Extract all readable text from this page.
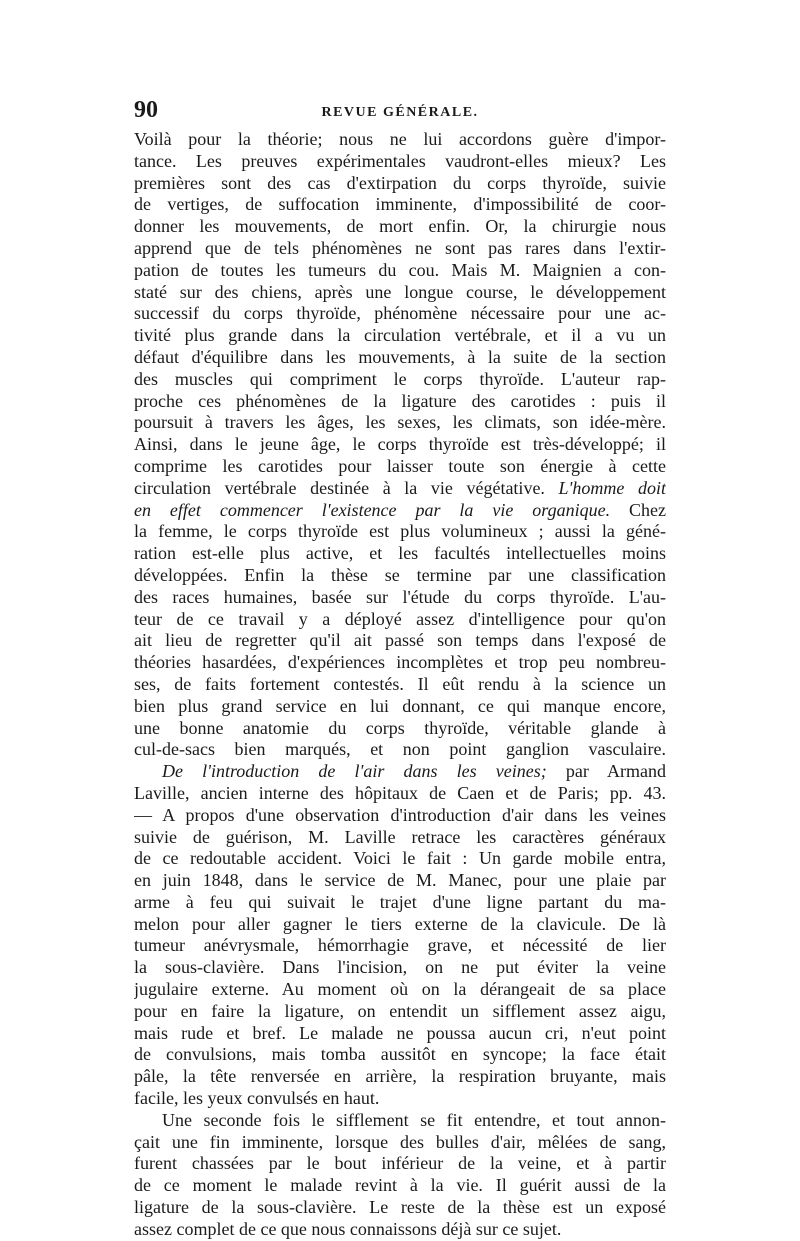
90	REVUE GÉNÉRALE.
Voilà pour la théorie; nous ne lui accordons guère d'impor-
tance. Les preuves expérimentales vaudront-elles mieux? Les
premières sont des cas d'extirpation du corps thyroïde, suivie
de vertiges, de suffocation imminente, d'impossibilité de coor-
donner les mouvements, de mort enfin. Or, la chirurgie nous
apprend que de tels phénomènes ne sont pas rares dans l'extir-
pation de toutes les tumeurs du cou. Mais M. Maignien a con-
staté sur des chiens, après une longue course, le développement
successif du corps thyroïde, phénomène nécessaire pour une ac-
tivité plus grande dans la circulation vertébrale, et il a vu un
défaut d'équilibre dans les mouvements, à la suite de la section
des muscles qui compriment le corps thyroïde. L'auteur rap-
proche ces phénomènes de la ligature des carotides : puis il
poursuit à travers les âges, les sexes, les climats, son idée-mère.
Ainsi, dans le jeune âge, le corps thyroïde est très-développé; il
comprime les carotides pour laisser toute son énergie à cette
circulation vertébrale destinée à la vie végétative. L'homme doit
en effet commencer l'existence par la vie organique. Chez
la femme, le corps thyroïde est plus volumineux ; aussi la géné-
ration est-elle plus active, et les facultés intellectuelles moins
développées. Enfin la thèse se termine par une classification
des races humaines, basée sur l'étude du corps thyroïde. L'au-
teur de ce travail y a déployé assez d'intelligence pour qu'on
ait lieu de regretter qu'il ait passé son temps dans l'exposé de
théories hasardées, d'expériences incomplètes et trop peu nombreu-
ses, de faits fortement contestés. Il eût rendu à la science un
bien plus grand service en lui donnant, ce qui manque encore,
une bonne anatomie du corps thyroïde, véritable glande à
cul-de-sacs bien marqués, et non point ganglion vasculaire.
De l'introduction de l'air dans les veines; par Armand
Laville, ancien interne des hôpitaux de Caen et de Paris; pp. 43.
— A propos d'une observation d'introduction d'air dans les veines
suivie de guérison, M. Laville retrace les caractères généraux
de ce redoutable accident. Voici le fait : Un garde mobile entra,
en juin 1848, dans le service de M. Manec, pour une plaie par
arme à feu qui suivait le trajet d'une ligne partant du ma-
melon pour aller gagner le tiers externe de la clavicule. De là
tumeur anévrysmale, hémorrhagie grave, et nécessité de lier
la sous-clavière. Dans l'incision, on ne put éviter la veine
jugulaire externe. Au moment où on la dérangeait de sa place
pour en faire la ligature, on entendit un sifflement assez aigu,
mais rude et bref. Le malade ne poussa aucun cri, n'eut point
de convulsions, mais tomba aussitôt en syncope; la face était
pâle, la tête renversée en arrière, la respiration bruyante, mais
facile, les yeux convulsés en haut.
Une seconde fois le sifflement se fit entendre, et tout annon-
çait une fin imminente, lorsque des bulles d'air, mêlées de sang,
furent chassées par le bout inférieur de la veine, et à partir
de ce moment le malade revint à la vie. Il guérit aussi de la
ligature de la sous-clavière. Le reste de la thèse est un exposé
assez complet de ce que nous connaissons déjà sur ce sujet.
